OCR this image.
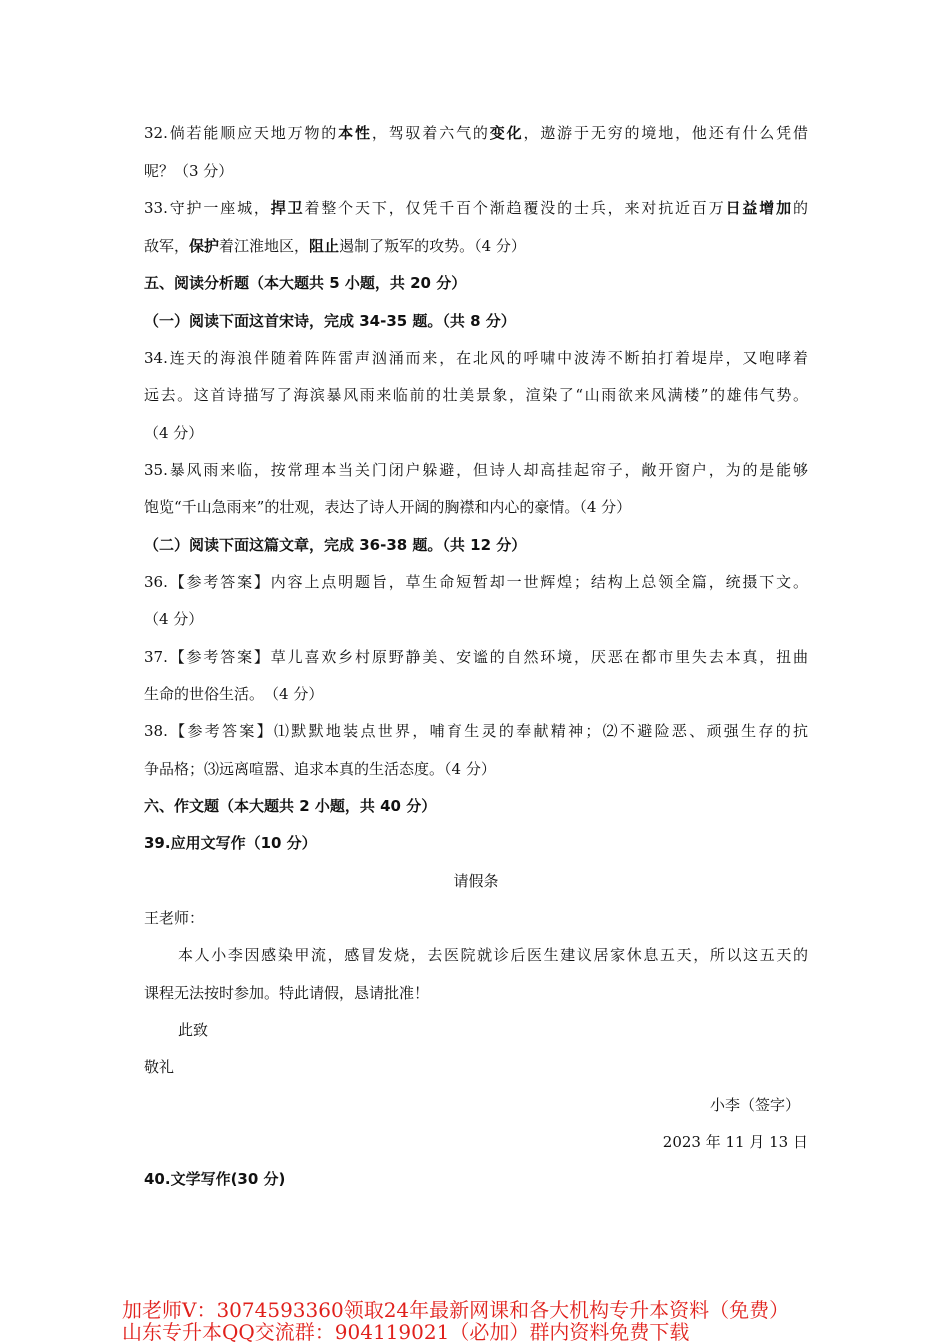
32.倘若能顺应天地万物的本性，驾驭着六气的变化，遨游于无穷的境地，他还有什么凭借
呢？（3 分）
33.守护一座城，捍卫着整个天下，仅凭千百个渐趋覆没的士兵，来对抗近百万日益增加的
敌军，保护着江淮地区，阻止遏制了叛军的攻势。（4 分）
五、阅读分析题（本大题共 5 小题，共 20 分）
（一）阅读下面这首宋诗，完成 34-35 题。（共 8 分）
34.连天的海浪伴随着阵阵雷声汹涌而来，在北风的呼啸中波涛不断拍打着堤岸，又咆哮着
远去。这首诗描写了海滨暴风雨来临前的壮美景象，渲染了“山雨欲来风满楼”的雄伟气势。
（4 分）
35.暴风雨来临，按常理本当关门闭户躲避，但诗人却高挂起帘子，敞开窗户，为的是能够
饱览“千山急雨来”的壮观，表达了诗人开阔的胸襟和内心的豪情。（4 分）
（二）阅读下面这篇文章，完成 36-38 题。（共 12 分）
36.【参考答案】内容上点明题旨，草生命短暂却一世辉煌；结构上总领全篇，统摄下文。
（4 分）
37.【参考答案】草儿喜欢乡村原野静美、安谧的自然环境，厌恶在都市里失去本真，扭曲
生命的世俗生活。　（4 分）
38.【参考答案】⑴默默地装点世界，哺育生灵的奉献精神；⑵不避险恶、顽强生存的抗
争品格；⑶远离喧嚣、追求本真的生活态度。（4 分）
六、作文题（本大题共 2 小题，共 40 分）
39.应用文写作（10 分）
请假条
王老师：
本人小李因感染甲流，感冒发烧，去医院就诊后医生建议居家休息五天，所以这五天的
课程无法按时参加。特此请假，恳请批准！
此致
敬礼
小李（签字）
2023 年 11 月 13 日
40.文学写作(30 分)
加老师V：3074593360领取24年最新网课和各大机构专升本资料（免费）
山东专升本QQ交流群：904119021（必加）群内资料免费下载
